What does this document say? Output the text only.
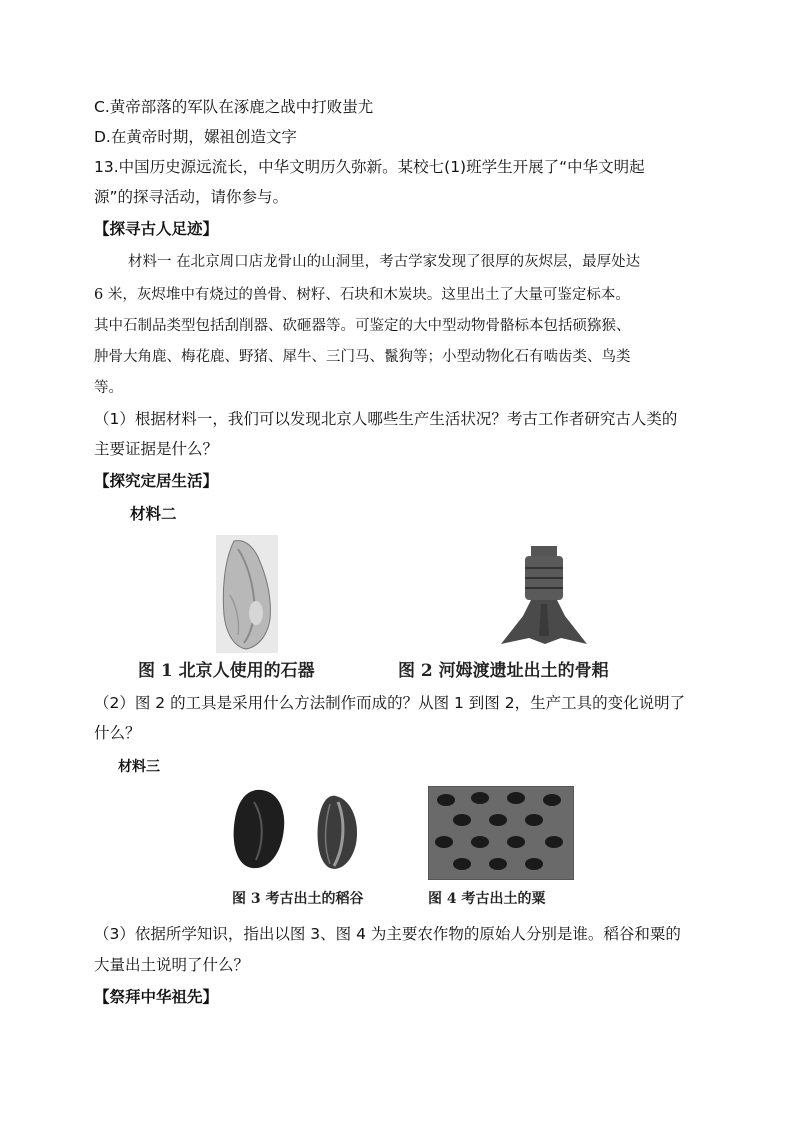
C.黄帝部落的军队在涿鹿之战中打败蚩尤
D.在黄帝时期，嫘祖创造文字
13.中国历史源远流长，中华文明历久弥新。某校七(1)班学生开展了“中华文明起
源”的探寻活动，请你参与。
【探寻古人足迹】
材料一 在北京周口店龙骨山的山洞里，考古学家发现了很厚的灰烬层，最厚处达
6 米，灰烬堆中有烧过的兽骨、树籽、石块和木炭块。这里出土了大量可鉴定标本。
其中石制品类型包括刮削器、砍砸器等。可鉴定的大中型动物骨骼标本包括硕猕猴、
肿骨大角鹿、梅花鹿、野猪、犀牛、三门马、鬣狗等；小型动物化石有啮齿类、鸟类
等。
（1）根据材料一，我们可以发现北京人哪些生产生活状况？考古工作者研究古人类的
主要证据是什么？
【探究定居生活】
材料二
图 1 北京人使用的石器	图 2 河姆渡遗址出土的骨耜
（2）图 2 的工具是采用什么方法制作而成的？从图 1 到图 2，生产工具的变化说明了
什么？
材料三
图 3 考古出土的稻谷	图 4 考古出土的粟
（3）依据所学知识，指出以图 3、图 4 为主要农作物的原始人分别是谁。稻谷和粟的
大量出土说明了什么？
【祭拜中华祖先】
